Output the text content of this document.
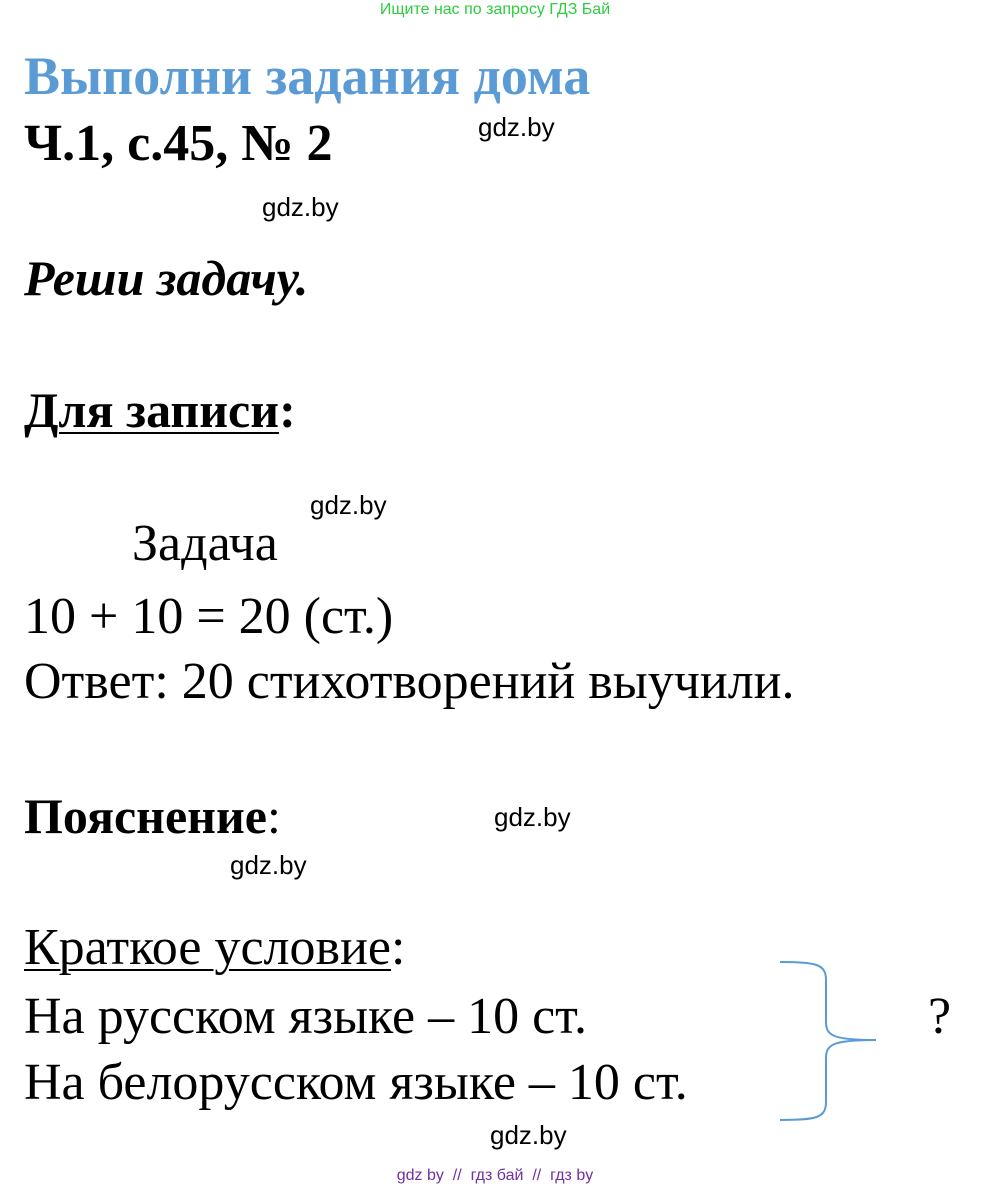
Ищите нас по запросу ГДЗ Бай
Выполни задания дома
Ч.1, с.45, № 2	gdz.by
gdz.by
Реши задачу.
Для записи:
gdz.by
Задача
10 + 10 = 20 (ст.)
Ответ: 20 стихотворений выучили.
Пояснение:	gdz.by
gdz.by
Краткое условие:
На русском языке – 10 ст.
На белорусском языке – 10 ст.
?
gdz.by
gdz by  //  гдз бай  //  гдз by
